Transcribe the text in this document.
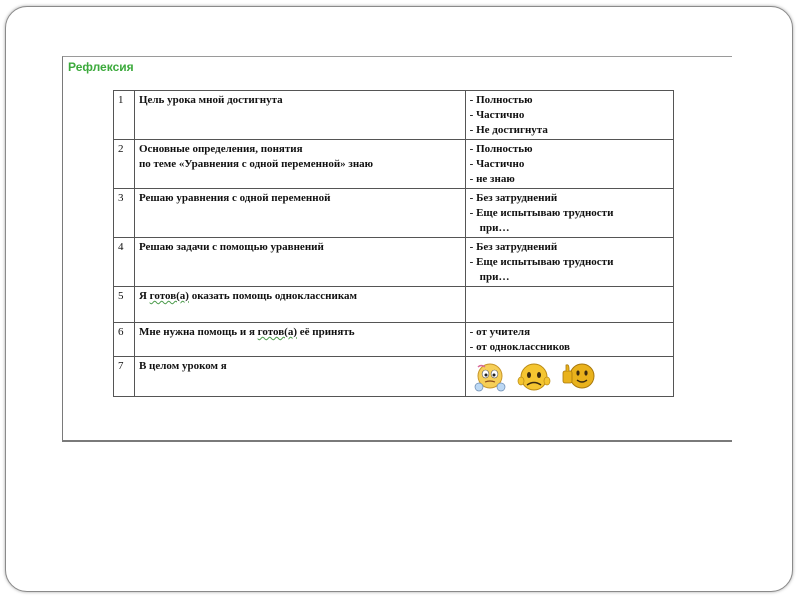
Рефлексия
1	Цель урока мной достигнута	- Полностью
- Частично
- Не достигнута

2	Основные определения, понятия
по теме «Уравнения с одной переменной» знаю	- Полностью
- Частично
- не знаю

3	Решаю уравнения с одной переменной	- Без затруднений
- Еще испытываю трудности
при…

4	Решаю задачи с помощью уравнений	- Без затруднений
- Еще испытываю трудности
при…

5	Я готов(а) оказать помощь одноклассникам	
6	Мне нужна помощь и я готов(а) её принять	- от учителя
- от одноклассников

7	В целом уроком я	
